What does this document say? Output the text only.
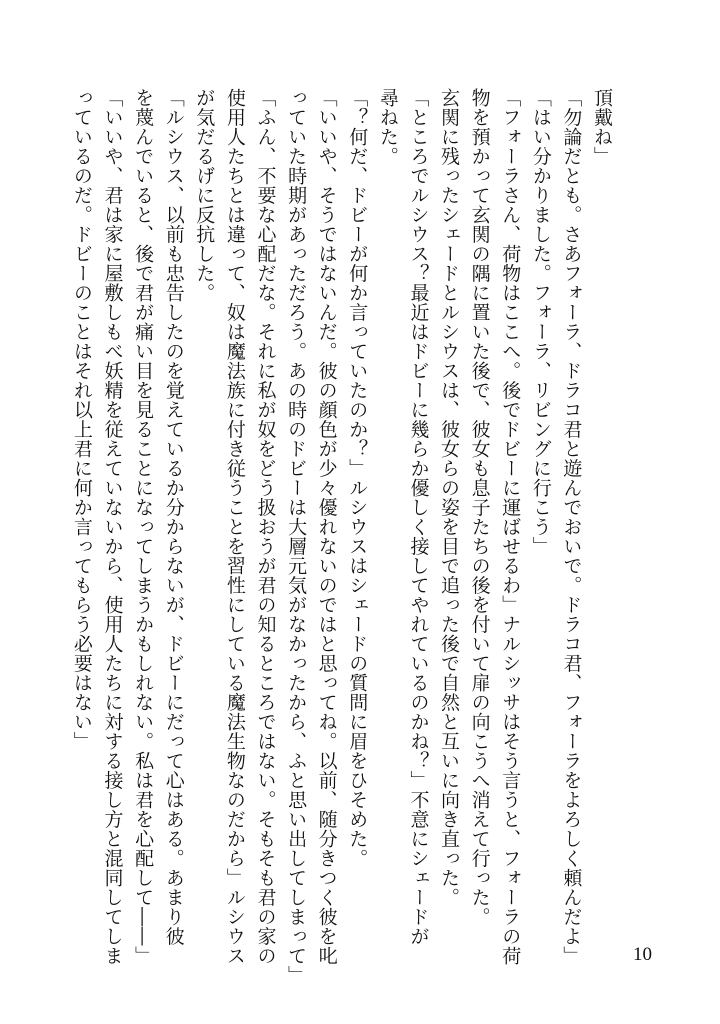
頂戴ね」
「勿論だとも。さあフォーラ、ドラコ君と遊んでおいで。ドラコ君、フォーラをよろしく頼んだよ」
「はい分かりました。フォーラ、リビングに行こう」
「フォーラさん、荷物はここへ。後でドビーに運ばせるわ」ナルシッサはそう言うと、フォーラの荷
物を預かって玄関の隅に置いた後で、彼女も息子たちの後を付いて扉の向こうへ消えて行った。
玄関に残ったシェードとルシウスは、彼女らの姿を目で追った後で自然と互いに向き直った。
「ところでルシウス？最近はドビーに幾らか優しく接してやれているのかね？」不意にシェードが
尋ねた。
「？何だ、ドビーが何か言っていたのか？」ルシウスはシェードの質問に眉をひそめた。
「いいや、そうではないんだ。彼の顔色が少々優れないのではと思ってね。以前、随分きつく彼を叱
っていた時期があっただろう。あの時のドビーは大層元気がなかったから、ふと思い出してしまって」
「ふん、不要な心配だな。それに私が奴をどう扱おうが君の知るところではない。そもそも君の家の
使用人たちとは違って、奴は魔法族に付き従うことを習性にしている魔法生物なのだから」ルシウス
が気だるげに反抗した。
「ルシウス、以前も忠告したのを覚えているか分からないが、ドビーにだって心はある。あまり彼
を蔑んでいると、後で君が痛い目を見ることになってしまうかもしれない。私は君を心配して――」
「いいや、君は家に屋敷しもべ妖精を従えていないから、使用人たちに対する接し方と混同してしま
っているのだ。ドビーのことはそれ以上君に何か言ってもらう必要はない」
10
